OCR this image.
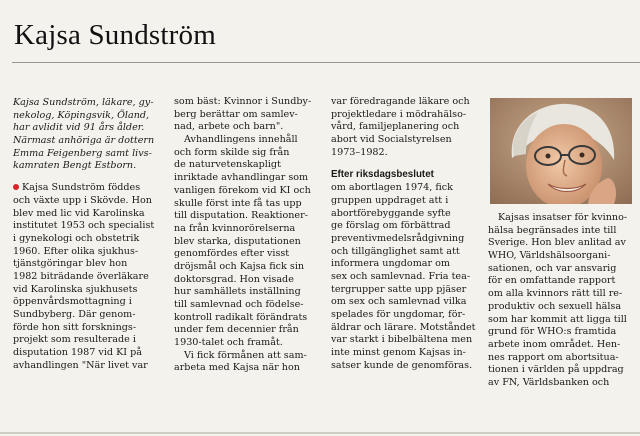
Kajsa Sundström
Kajsa Sundström, läkare, gy-
nekolog, Köpingsvik, Öland,
har avlidit vid 91 års ålder.
Närmast anhöriga är dottern
Emma Feigenberg samt livs-
kamraten Bengt Estborn.
Kajsa Sundström föddes
och växte upp i Skövde. Hon
blev med lic vid Karolinska
institutet 1953 och specialist
i gynekologi och obstetrik
1960. Efter olika sjukhus-
tjänstgöringar blev hon
1982 biträdande överläkare
vid Karolinska sjukhusets
öppenvårdsmottagning i
Sundbyberg. Där genom-
förde hon sitt forsknings-
projekt som resulterade i
disputation 1987 vid KI på
avhandlingen "När livet var
som bäst: Kvinnor i Sundby-
berg berättar om samlev-
nad, arbete och barn".
Avhandlingens innehåll
och form skilde sig från
de naturvetenskapligt
inriktade avhandlingar som
vanligen förekom vid KI och
skulle först inte få tas upp
till disputation. Reaktioner-
na från kvinnorörelserna
blev starka, disputationen
genomfördes efter visst
dröjsmål och Kajsa fick sin
doktorsgrad. Hon visade
hur samhällets inställning
till samlevnad och födelse-
kontroll radikalt förändrats
under fem decennier från
1930-talet och framåt.
Vi fick förmånen att sam-
arbeta med Kajsa när hon
var föredragande läkare och
projektledare i mödrahälso-
vård, familjeplanering och
abort vid Socialstyrelsen
1973–1982.
Efter riksdagsbeslutet
om abortlagen 1974, fick
gruppen uppdraget att i
abortförebyggande syfte
ge förslag om förbättrad
preventivmedelsrådgivning
och tillgänglighet samt att
informera ungdomar om
sex och samlevnad. Fria tea-
tergrupper satte upp pjäser
om sex och samlevnad vilka
spelades för ungdomar, för-
äldrar och lärare. Motståndet
var starkt i bibelbältena men
inte minst genom Kajsas in-
satser kunde de genomföras.
Kajsas insatser för kvinno-
hälsa begränsades inte till
Sverige. Hon blev anlitad av
WHO, Världshälsoorgani-
sationen, och var ansvarig
för en omfattande rapport
om alla kvinnors rätt till re-
produktiv och sexuell hälsa
som har kommit att ligga till
grund för WHO:s framtida
arbete inom området. Hen-
nes rapport om abortsitua-
tionen i världen på uppdrag
av FN, Världsbanken och
